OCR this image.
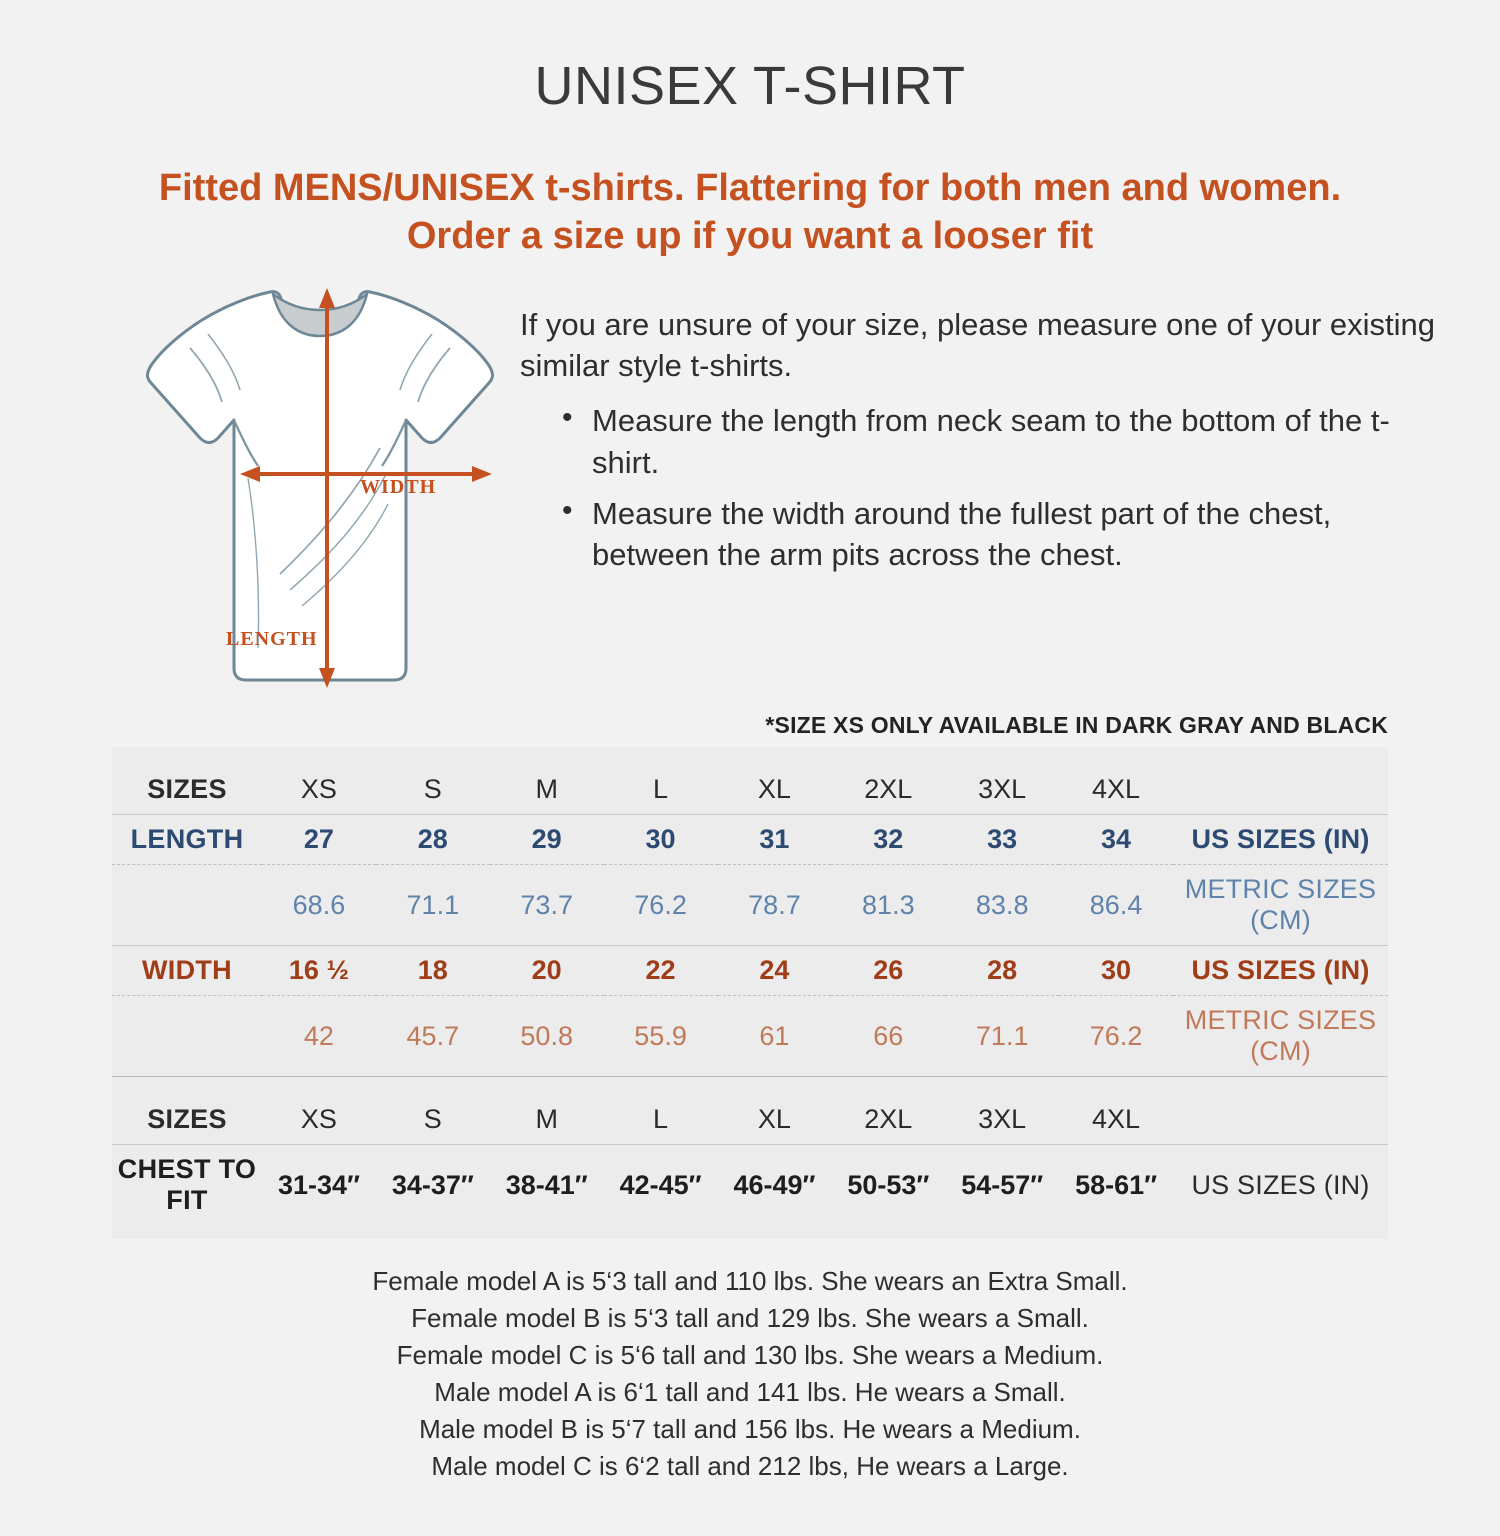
UNISEX T-SHIRT
Fitted MENS/UNISEX t-shirts. Flattering for both men and women.
Order a size up if you want a looser fit
WIDTH
LENGTH

If you are unsure of your size, please measure one of your existing similar style t-shirts.

• Measure the length from neck seam to the bottom of the t-shirt.
• Measure the width around the fullest part of the chest, between the arm pits across the chest.
*SIZE XS ONLY AVAILABLE IN DARK GRAY AND BLACK
SIZES	XS	S	M	L	XL	2XL	3XL	4XL	
LENGTH	27	28	29	30	31	32	33	34	US SIZES (IN)
	68.6	71.1	73.7	76.2	78.7	81.3	83.8	86.4	METRIC SIZES (CM)
WIDTH	16 ½	18	20	22	24	26	28	30	US SIZES (IN)
	42	45.7	50.8	55.9	61	66	71.1	76.2	METRIC SIZES (CM)

SIZES	XS	S	M	L	XL	2XL	3XL	4XL	
CHEST TO FIT	31-34″	34-37″	38-41″	42-45″	46-49″	50-53″	54-57″	58-61″	US SIZES (IN)
Female model A is 5‘3 tall and 110 lbs. She wears an Extra Small.
Female model B is 5‘3 tall and 129 lbs. She wears a Small.
Female model C is 5‘6 tall and 130 lbs. She wears a Medium.
Male model A is 6‘1 tall and 141 lbs. He wears a Small.
Male model B is 5‘7 tall and 156 lbs. He wears a Medium.
Male model C is 6‘2 tall and 212 lbs, He wears a Large.
